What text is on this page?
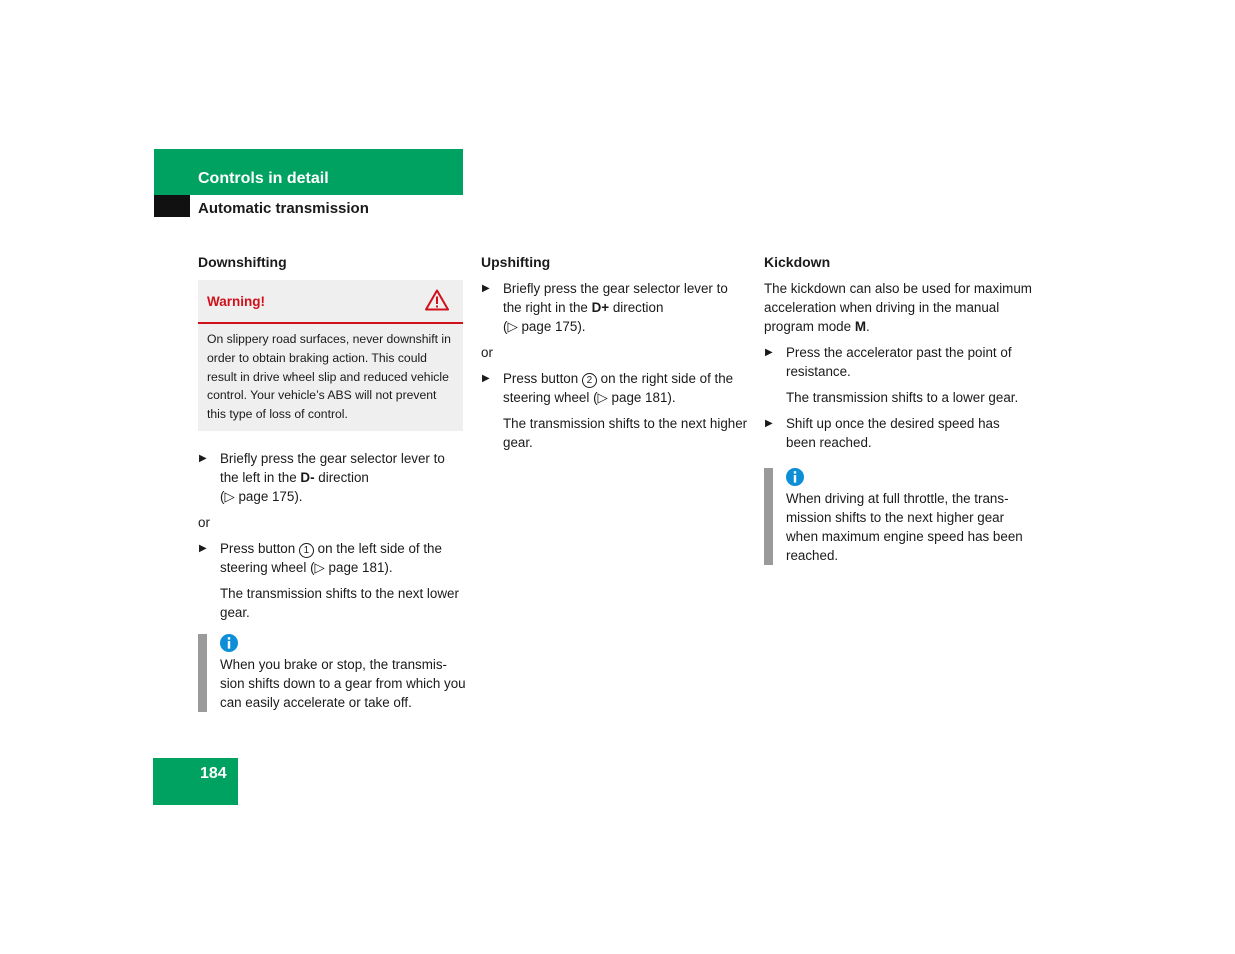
Controls in detail
Automatic transmission
Downshifting
Warning!
On slippery road surfaces, never downshift in order to obtain braking action. This could result in drive wheel slip and reduced vehicle control. Your vehicle’s ABS will not prevent this type of loss of control.
▶ Briefly press the gear selector lever to the left in the D- direction
(▷ page 175).

or

▶ Press button 1 on the left side of the steering wheel (▷ page 181).
The transmission shifts to the next lower gear.
When you brake or stop, the transmis-sion shifts down to a gear from which you can easily accelerate or take off.
Upshifting
▶ Briefly press the gear selector lever to the right in the D+ direction
(▷ page 175).

or

▶ Press button 2 on the right side of the steering wheel (▷ page 181).
The transmission shifts to the next higher gear.
Kickdown

The kickdown can also be used for maximum acceleration when driving in the manual program mode M.

▶ Press the accelerator past the point of resistance.
The transmission shifts to a lower gear.
▶ Shift up once the desired speed has been reached.
When driving at full throttle, the trans-mission shifts to the next higher gear when maximum engine speed has been reached.
184
